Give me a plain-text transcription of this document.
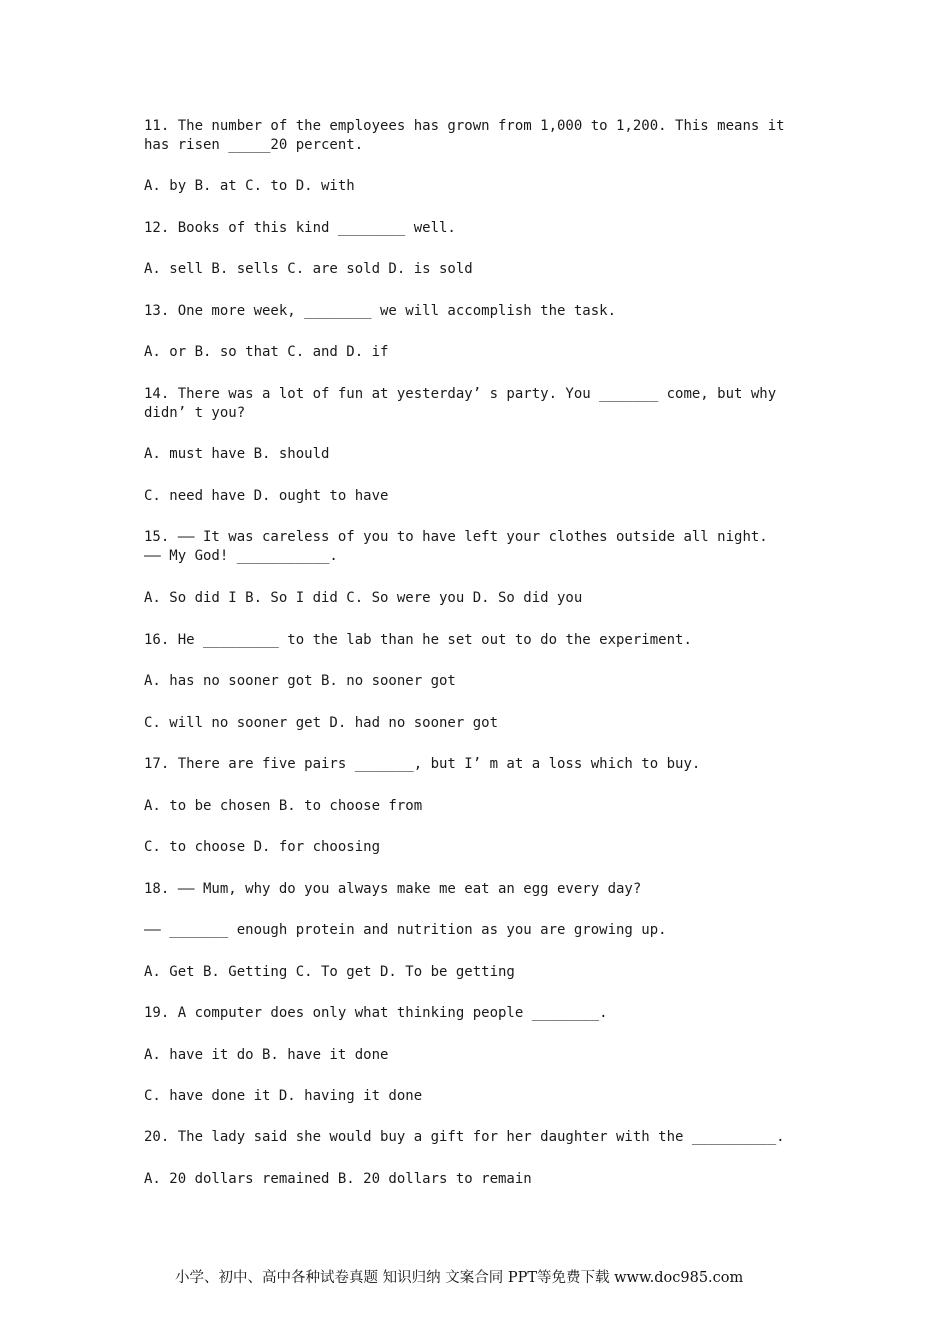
11. The number of the employees has grown from 1,000 to 1,200. This means it has risen _____20 percent.
A. by B. at C. to D. with
12. Books of this kind ________ well.
A. sell B. sells C. are sold D. is sold
13. One more week, ________ we will accomplish the task.
A. or B. so that C. and D. if
14. There was a lot of fun at yesterday’ s party. You _______ come, but why didn’ t you?
A. must have B. should
C. need have D. ought to have
15. —— It was careless of you to have left your clothes outside all night.
—— My God! ___________.
A. So did I B. So I did C. So were you D. So did you
16. He _________ to the lab than he set out to do the experiment.
A. has no sooner got B. no sooner got
C. will no sooner get D. had no sooner got
17. There are five pairs _______, but I’ m at a loss which to buy.
A. to be chosen B. to choose from
C. to choose D. for choosing
18. —— Mum, why do you always make me eat an egg every day?
—— _______ enough protein and nutrition as you are growing up.
A. Get B. Getting C. To get D. To be getting
19. A computer does only what thinking people ________.
A. have it do B. have it done
C. have done it D. having it done
20. The lady said she would buy a gift for her daughter with the __________.
A. 20 dollars remained B. 20 dollars to remain
小学、初中、高中各种试卷真题 知识归纳 文案合同 PPT等免费下载 www.doc985.com
